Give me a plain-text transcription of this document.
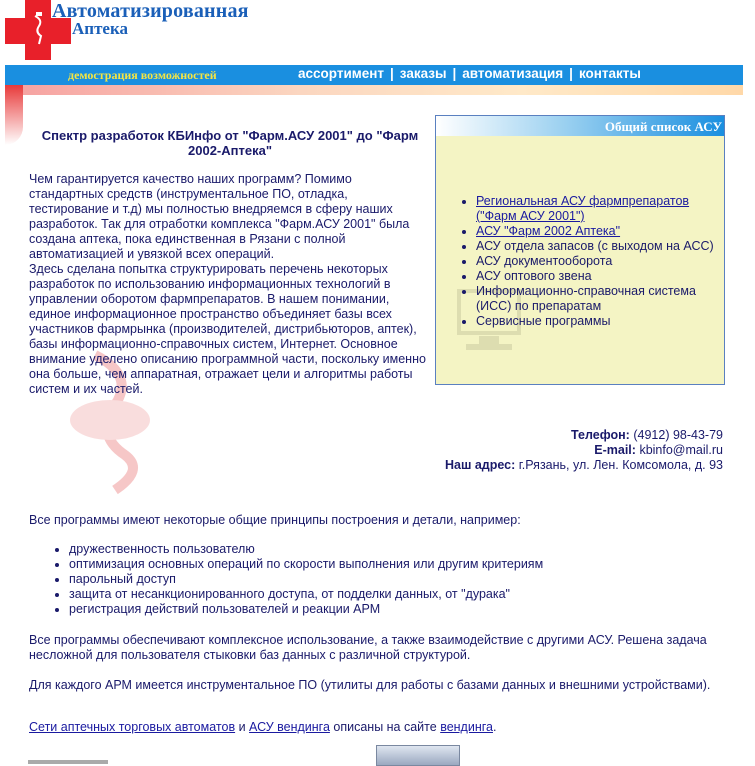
Автоматизированная
Аптека
демострация возможностей	ассортимент | заказы | автоматизация | контакты
Спектр разработок КБИнфо от "Фарм.АСУ 2001" до "Фарм 2002-Аптека"

Чем гарантируется качество наших программ? Помимо стандартных средств (инструментальное ПО, отладка, тестирование и т.д) мы полностью внедряемся в сферу наших разработок. Так для отработки комплекса "Фарм.АСУ 2001" была создана аптека, пока единственная в Рязани с полной автоматизацией и увязкой всех операций.

Здесь сделана попытка структурировать перечень некоторых разработок по использованию информационных технологий в управлении оборотом фармпрепаратов. В нашем понимании, единое информационное пространство объединяет базы всех участников фармрынка (производителей, дистрибьюторов, аптек), базы информационно-справочных систем, Интернет. Основное внимание уделено описанию программной части, поскольку именно она больше, чем аппаратная, отражает цели и алгоритмы работы систем и их частей.

Общий список АСУ
• Региональная АСУ фармпрепаратов ("Фарм АСУ 2001")
• АСУ "Фарм 2002 Аптека"
• АСУ отдела запасов (с выходом на АСС)
• АСУ документооборота
• АСУ оптового звена
• Информационно-справочная система (ИСС) по препаратам
• Сервисные программы
Телефон: (4912) 98-43-79
E-mail: kbinfo@mail.ru
Наш адрес: г.Рязань, ул. Лен. Комсомола, д. 93
Все программы имеют некоторые общие принципы построения и детали, например:
• дружественность пользователю
• оптимизация основных операций по скорости выполнения или другим критериям
• парольный доступ
• защита от несанкционированного доступа, от подделки данных, от "дурака"
• регистрация действий пользователей и реакции АРМ

Все программы обеспечивают комплексное использование, а также взаимодействие с другими АСУ. Решена задача несложной для пользователя стыковки баз данных с различной структурой.

Для каждого АРМ имеется инструментальное ПО (утилиты для работы с базами данных и внешними устройствами).

Сети аптечных торговых автоматов и АСУ вендинга описаны на сайте вендинга.
